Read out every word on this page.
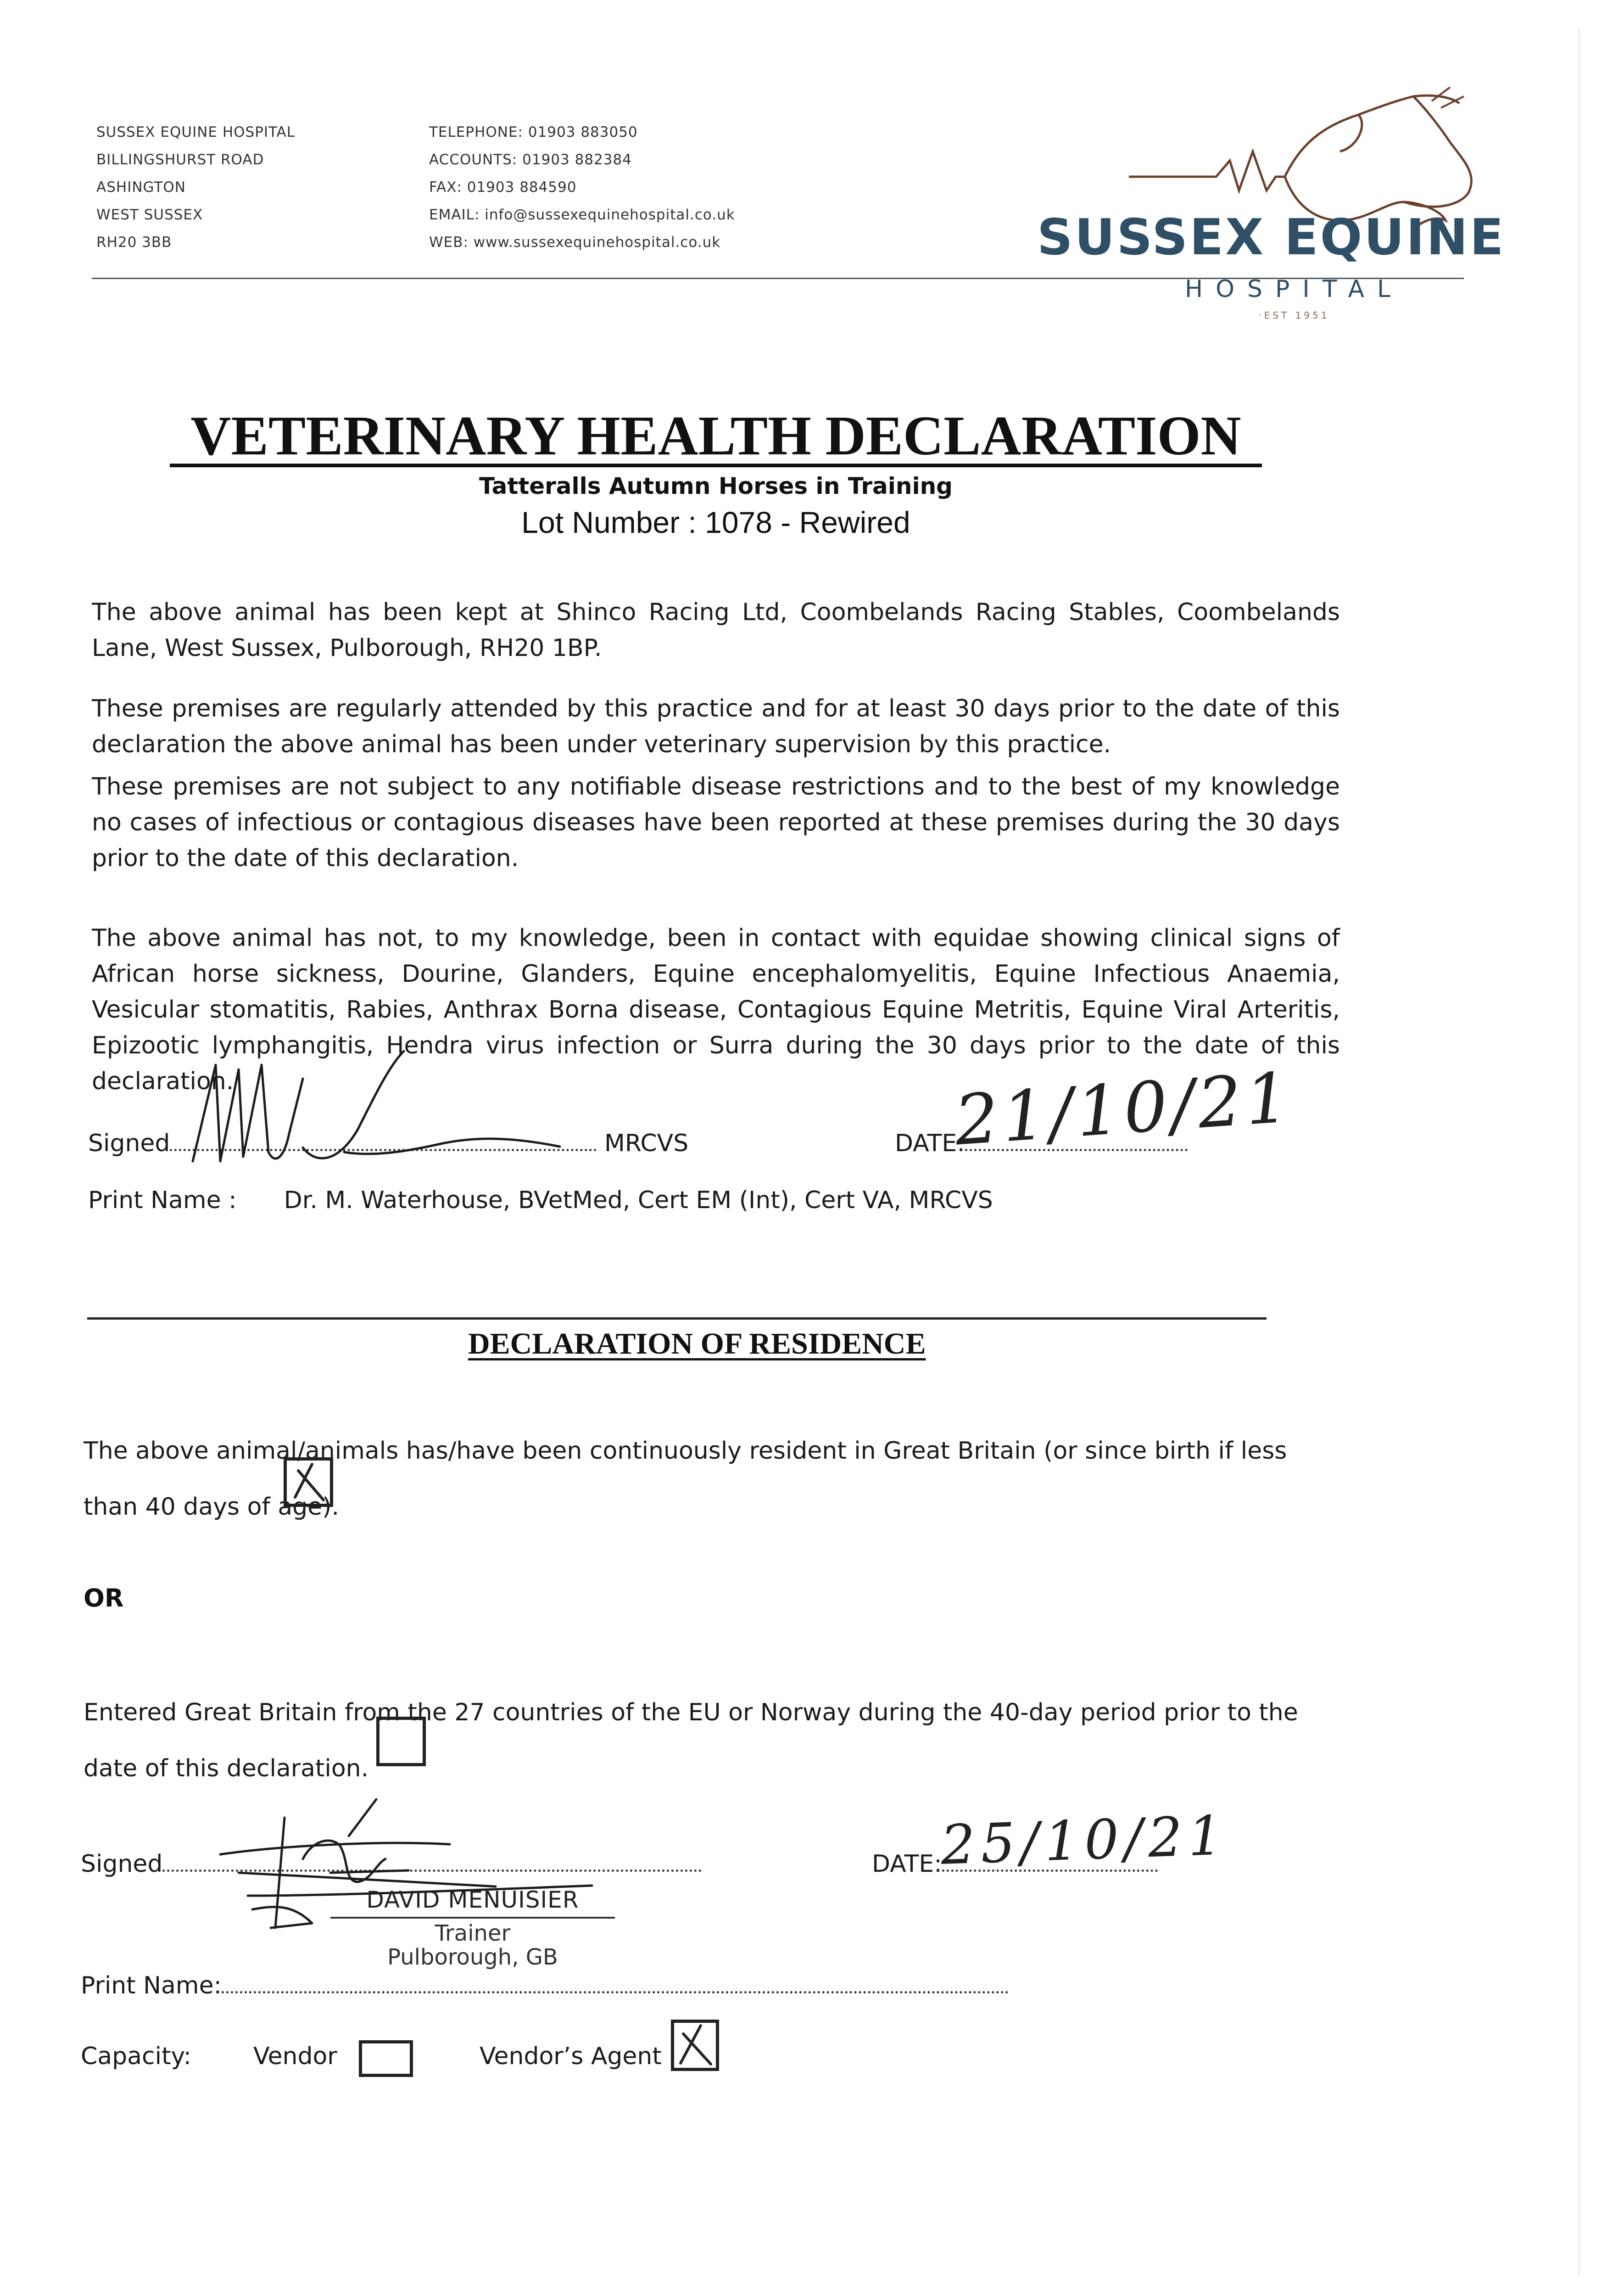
SUSSEX EQUINE HOSPITAL
BILLINGSHURST ROAD
ASHINGTON
WEST SUSSEX
RH20 3BB
TELEPHONE: 01903 883050
ACCOUNTS: 01903 882384
FAX: 01903 884590
EMAIL: info@sussexequinehospital.co.uk
WEB: www.sussexequinehospital.co.uk	SUSSEX EQUINE
HOSPITAL
·EST 1951
VETERINARY HEALTH DECLARATION
Tatteralls Autumn Horses in Training
Lot Number : 1078 - Rewired
The above animal has been kept at Shinco Racing Ltd, Coombelands Racing Stables, Coombelands Lane, West Sussex, Pulborough, RH20 1BP.
These premises are regularly attended by this practice and for at least 30 days prior to the date of this declaration the above animal has been under veterinary supervision by this practice.
These premises are not subject to any notifiable disease restrictions and to the best of my knowledge no cases of infectious or contagious diseases have been reported at these premises during the 30 days prior to the date of this declaration.
The above animal has not, to my knowledge, been in contact with equidae showing clinical signs of African horse sickness, Dourine, Glanders, Equine encephalomyelitis, Equine Infectious Anaemia, Vesicular stomatitis, Rabies, Anthrax Borna disease, Contagious Equine Metritis, Equine Viral Arteritis, Epizootic lymphangitis, Hendra virus infection or Surra during the 30 days prior to the date of this declaration.
Signed	MRCVS	DATE:
21/10/21
Print Name : Dr. M. Waterhouse, BVetMed, Cert EM (Int), Cert VA, MRCVS
DECLARATION OF RESIDENCE
The above animal/animals has/have been continuously resident in Great Britain (or since birth if less than 40 days of age).
OR
Entered Great Britain from the 27 countries of the EU or Norway during the 40-day period prior to the date of this declaration.
Signed	DATE:
25/10/21
DAVID MENUISIER
Trainer
Pulborough, GB
Print Name:
Capacity:	Vendor	Vendor’s Agent
